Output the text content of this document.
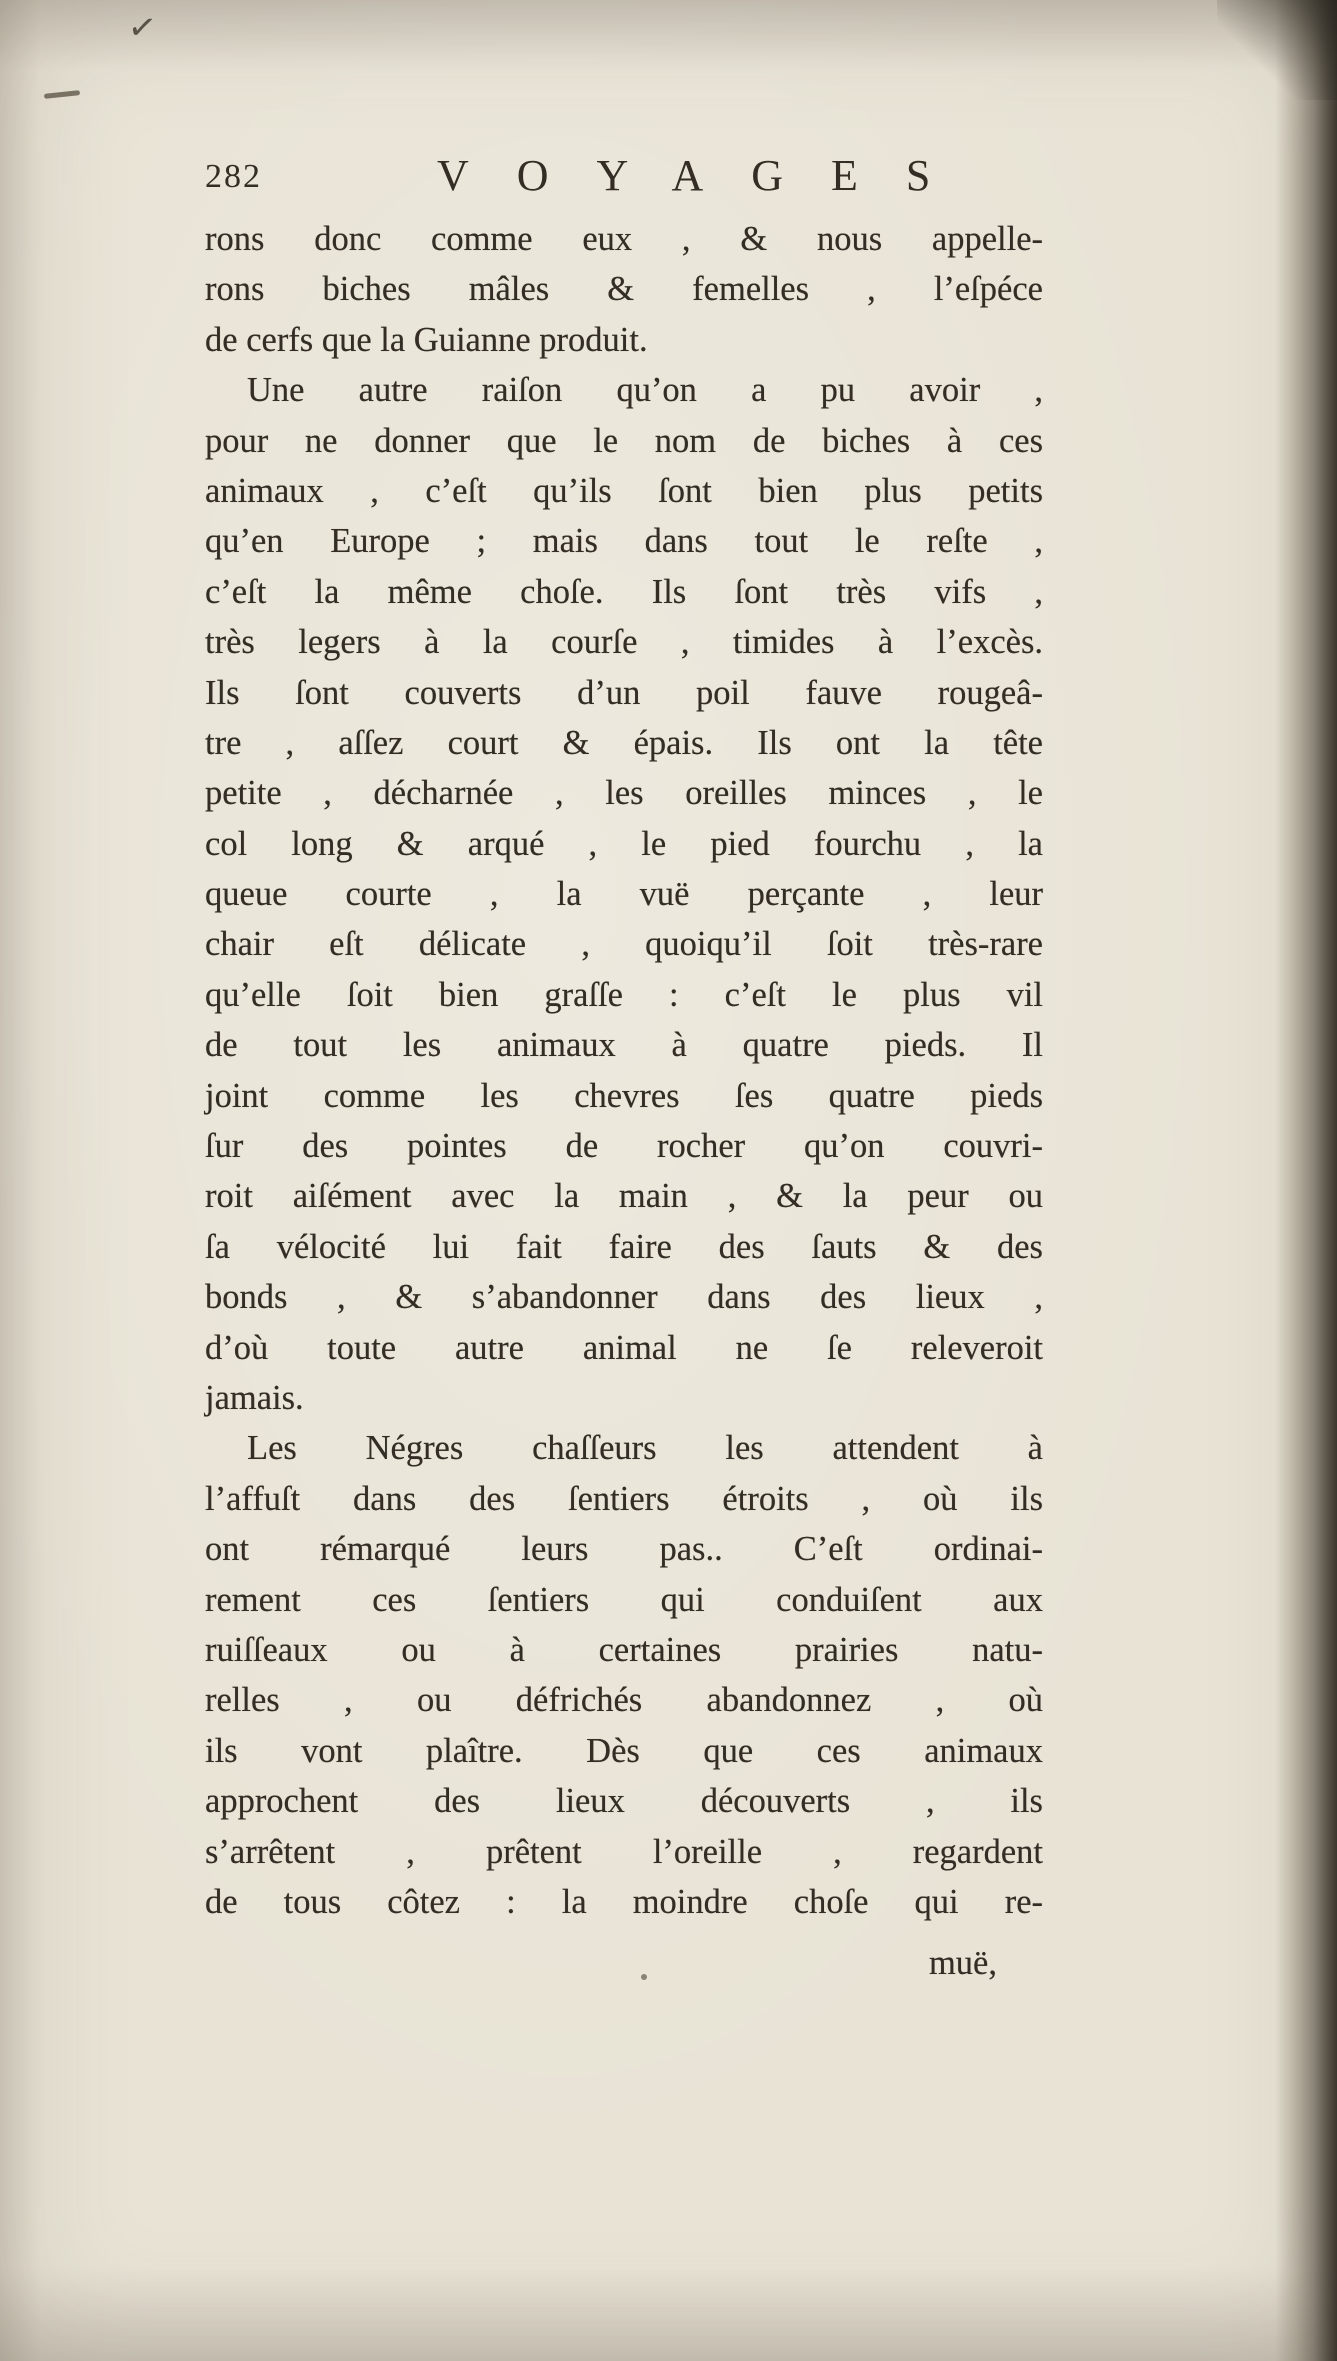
✓
282	VOYAGES
rons donc comme eux , & nous appelle-
rons biches mâles & femelles , l’eſpéce
de cerfs que la Guianne produit.
Une autre raiſon qu’on a pu avoir ,
pour ne donner que le nom de biches à ces
animaux , c’eſt qu’ils ſont bien plus petits
qu’en Europe ; mais dans tout le reſte ,
c’eſt la même choſe. Ils ſont très vifs ,
très legers à la courſe , timides à l’excès.
Ils ſont couverts d’un poil fauve rougeâ-
tre , aſſez court & épais. Ils ont la tête
petite , décharnée , les oreilles minces , le
col long & arqué , le pied fourchu , la
queue courte , la vuë perçante , leur
chair eſt délicate , quoiqu’il ſoit très-rare
qu’elle ſoit bien graſſe : c’eſt le plus vil
de tout les animaux à quatre pieds. Il
joint comme les chevres ſes quatre pieds
ſur des pointes de rocher qu’on couvri-
roit aiſément avec la main , & la peur ou
ſa vélocité lui fait faire des ſauts & des
bonds , & s’abandonner dans des lieux ,
d’où toute autre animal ne ſe releveroit
jamais.
Les Négres chaſſeurs les attendent à
l’affuſt dans des ſentiers étroits , où ils
ont rémarqué leurs pas.. C’eſt ordinai-
rement ces ſentiers qui conduiſent aux
ruiſſeaux ou à certaines prairies natu-
relles , ou défrichés abandonnez , où
ils vont plaître. Dès que ces animaux
approchent des lieux découverts , ils
s’arrêtent , prêtent l’oreille , regardent
de tous côtez : la moindre choſe qui re-
muë,
